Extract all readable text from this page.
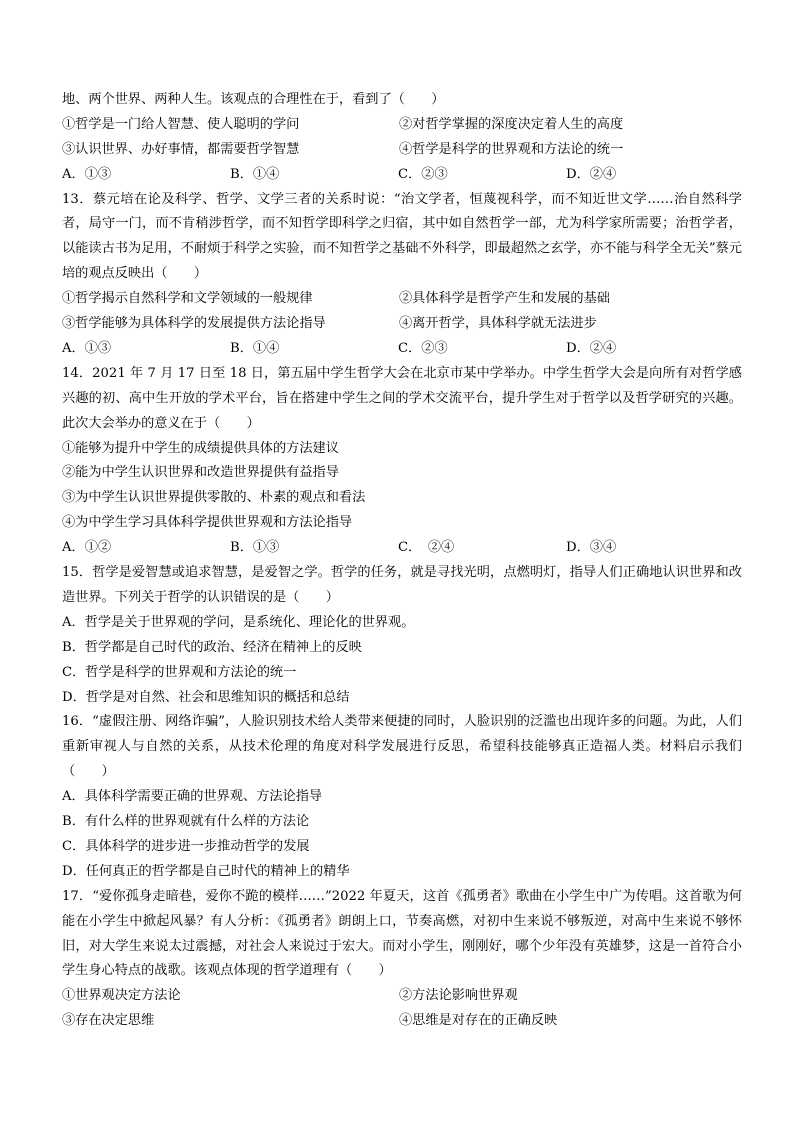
地、两个世界、两种人生。该观点的合理性在于，看到了（　　）
①哲学是一门给人智慧、使人聪明的学问	②对哲学掌握的深度决定着人生的高度
③认识世界、办好事情，都需要哲学智慧	④哲学是科学的世界观和方法论的统一
A．①③	B．①④	C．②③	D．②④
13．蔡元培在论及科学、哲学、文学三者的关系时说：“治文学者，恒蔑视科学，而不知近世文学……治自然科学者，局守一门，而不肯稍涉哲学，而不知哲学即科学之归宿，其中如自然哲学一部，尤为科学家所需要；治哲学者，以能读古书为足用，不耐烦于科学之实验，而不知哲学之基础不外科学，即最超然之玄学，亦不能与科学全无关”蔡元培的观点反映出（　　）
①哲学揭示自然科学和文学领域的一般规律	②具体科学是哲学产生和发展的基础
③哲学能够为具体科学的发展提供方法论指导	④离开哲学，具体科学就无法进步
A．①③	B．①④	C．②③	D．②④
14．2021 年 7 月 17 日至 18 日，第五届中学生哲学大会在北京市某中学举办。中学生哲学大会是向所有对哲学感兴趣的初、高中生开放的学术平台，旨在搭建中学生之间的学术交流平台，提升学生对于哲学以及哲学研究的兴趣。此次大会举办的意义在于（　　）
①能够为提升中学生的成绩提供具体的方法建议
②能为中学生认识世界和改造世界提供有益指导
③为中学生认识世界提供零散的、朴素的观点和看法
④为中学生学习具体科学提供世界观和方法论指导
A．①②	B．①③	C．　②④	D．③④
15．哲学是爱智慧或追求智慧，是爱智之学。哲学的任务，就是寻找光明，点燃明灯，指导人们正确地认识世界和改造世界。下列关于哲学的认识错误的是（　　）
A．哲学是关于世界观的学问，是系统化、理论化的世界观。
B．哲学都是自己时代的政治、经济在精神上的反映
C．哲学是科学的世界观和方法论的统一
D．哲学是对自然、社会和思维知识的概括和总结
16．“虚假注册、网络诈骗”，人脸识别技术给人类带来便捷的同时，人脸识别的泛滥也出现许多的问题。为此，人们重新审视人与自然的关系，从技术伦理的角度对科学发展进行反思，希望科技能够真正造福人类。材料启示我们（　　）
A．具体科学需要正确的世界观、方法论指导
B．有什么样的世界观就有什么样的方法论
C．具体科学的进步进一步推动哲学的发展
D．任何真正的哲学都是自己时代的精神上的精华
17．“爱你孤身走暗巷，爱你不跪的模样……”2022 年夏天，这首《孤勇者》歌曲在小学生中广为传唱。这首歌为何能在小学生中掀起风暴？有人分析：《孤勇者》朗朗上口，节奏高燃，对初中生来说不够叛逆，对高中生来说不够怀旧，对大学生来说太过震撼，对社会人来说过于宏大。而对小学生，刚刚好，哪个少年没有英雄梦，这是一首符合小学生身心特点的战歌。该观点体现的哲学道理有（　　）
①世界观决定方法论	②方法论影响世界观
③存在决定思维	④思维是对存在的正确反映
